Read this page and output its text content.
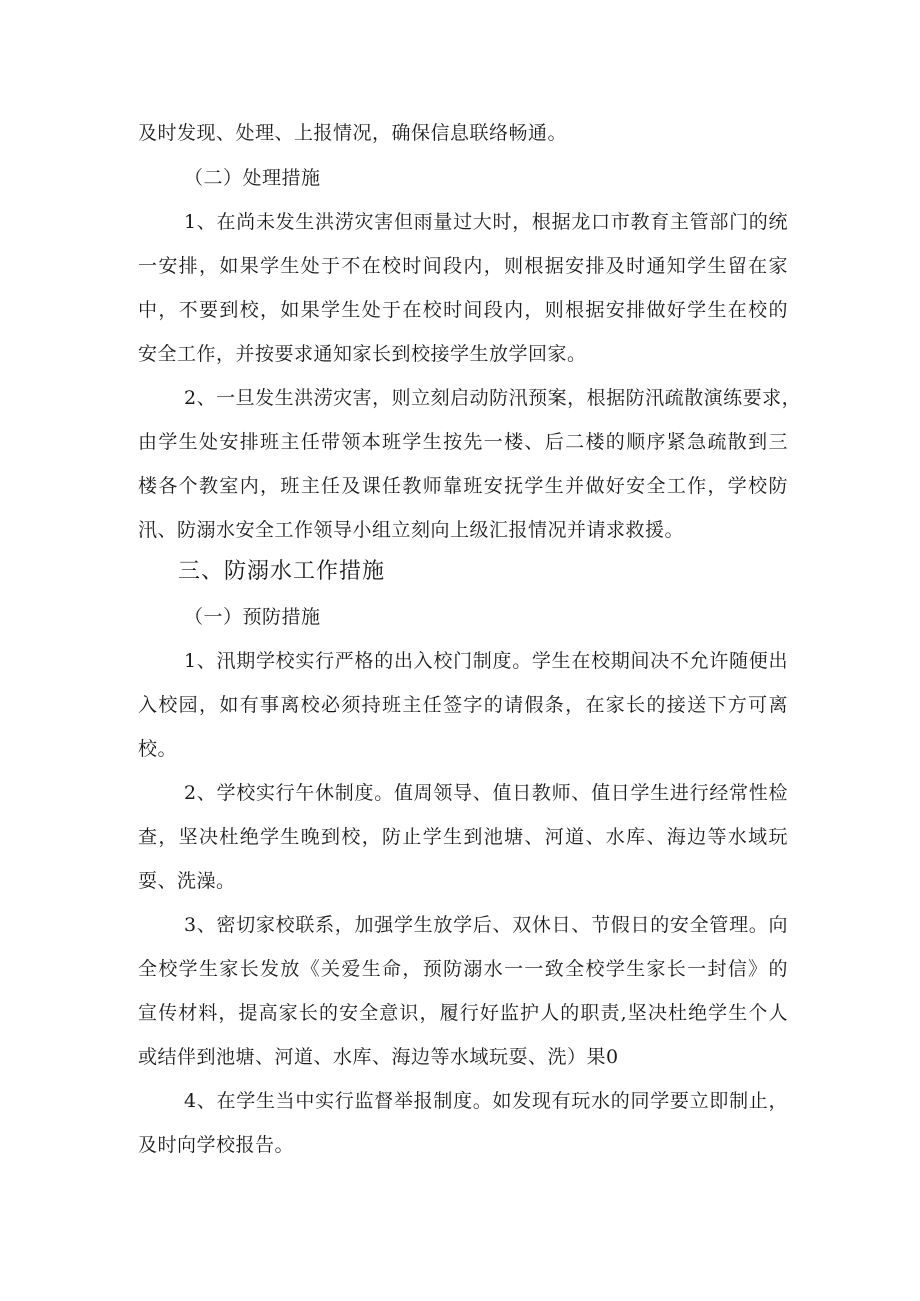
及时发现、处理、上报情况，确保信息联络畅通。
（二）处理措施
1、在尚未发生洪涝灾害但雨量过大时，根据龙口市教育主管部门的统
一安排，如果学生处于不在校时间段内，则根据安排及时通知学生留在家
中，不要到校，如果学生处于在校时间段内，则根据安排做好学生在校的
安全工作，并按要求通知家长到校接学生放学回家。
2、一旦发生洪涝灾害，则立刻启动防汛预案，根据防汛疏散演练要求，
由学生处安排班主任带领本班学生按先一楼、后二楼的顺序紧急疏散到三
楼各个教室内，班主任及课任教师靠班安抚学生并做好安全工作，学校防
汛、防溺水安全工作领导小组立刻向上级汇报情况并请求救援。
三、防溺水工作措施
（一）预防措施
1、汛期学校实行严格的出入校门制度。学生在校期间决不允许随便出
入校园，如有事离校必须持班主任签字的请假条，在家长的接送下方可离
校。
2、学校实行午休制度。值周领导、值日教师、值日学生进行经常性检
查，坚决杜绝学生晚到校，防止学生到池塘、河道、水库、海边等水域玩
耍、洗澡。
3、密切家校联系，加强学生放学后、双休日、节假日的安全管理。向
全校学生家长发放《关爱生命，预防溺水一一致全校学生家长一封信》的
宣传材料，提高家长的安全意识，履行好监护人的职责,坚决杜绝学生个人
或结伴到池塘、河道、水库、海边等水域玩耍、洗）果0
4、在学生当中实行监督举报制度。如发现有玩水的同学要立即制止，
及时向学校报告。
